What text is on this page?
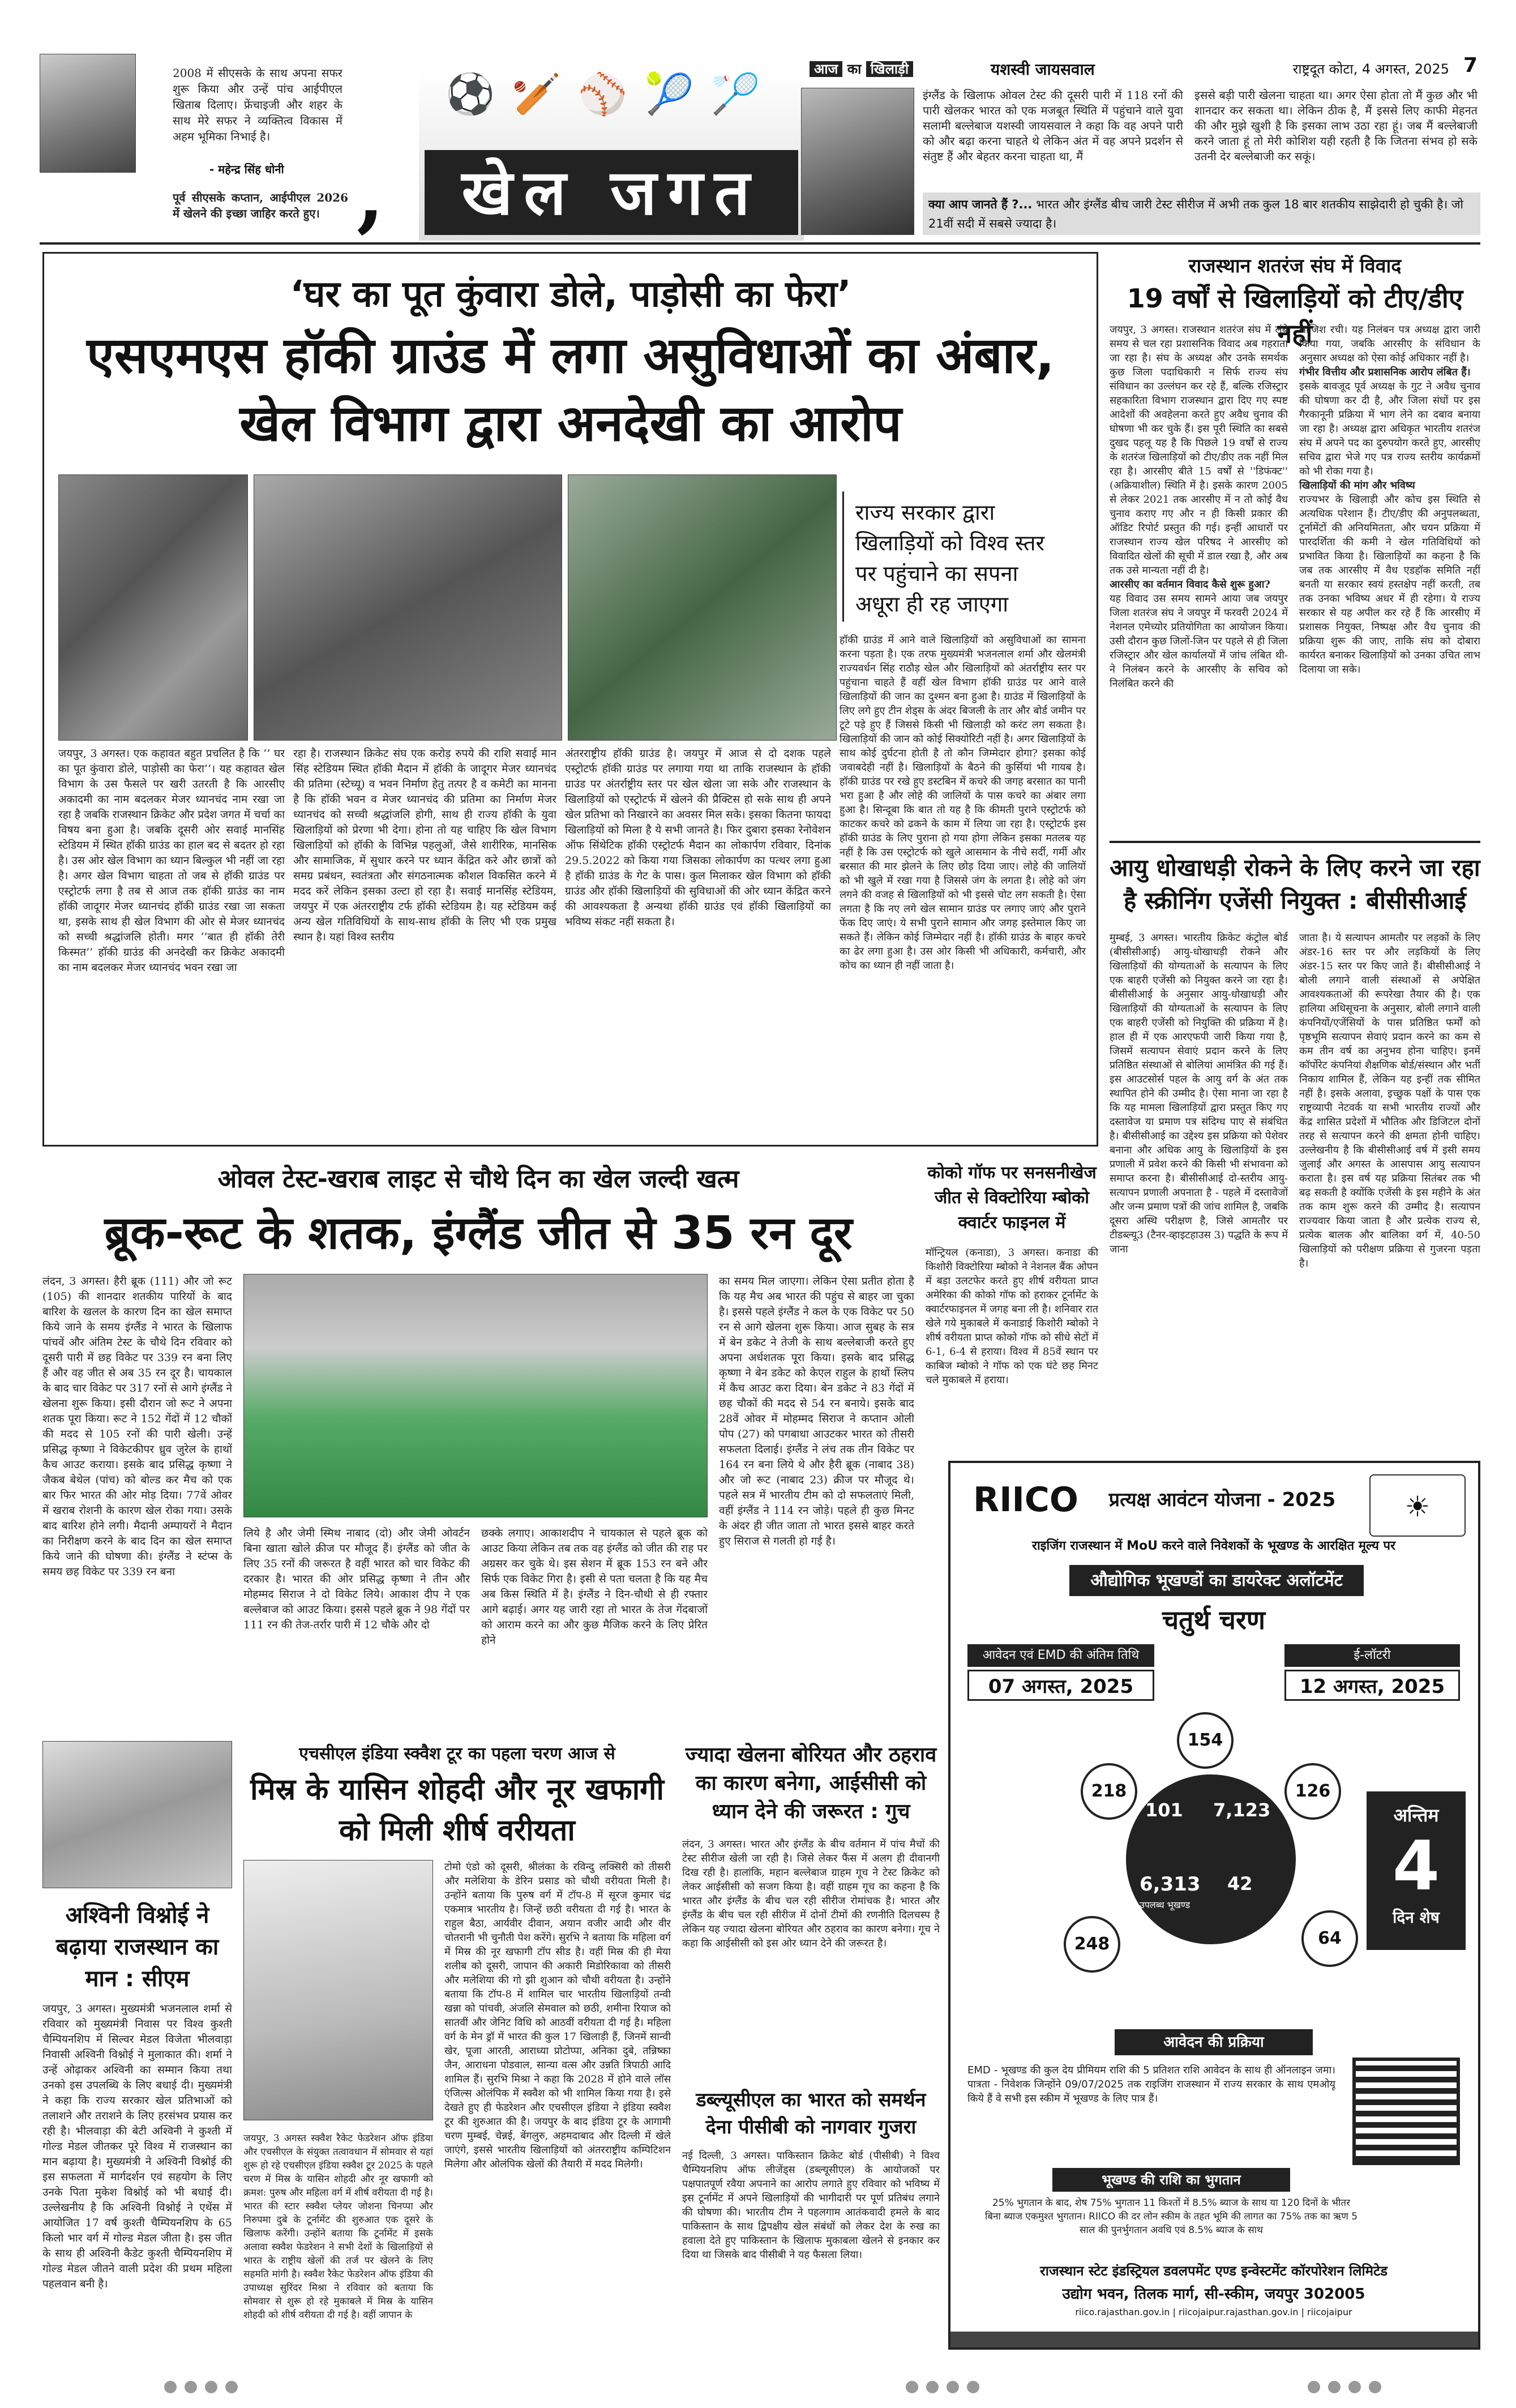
2008 में सीएसके के साथ अपना सफर शुरू किया और उन्हें पांच आईपीएल खिताब दिलाए। फ्रेंचाइजी और शहर के साथ मेरे सफर ने व्यक्तित्व विकास में अहम भूमिका निभाई है।
- महेन्द्र सिंह धोनी
पूर्व सीएसके कप्तान, आईपीएल 2026 में खेलने की इच्छा जाहिर करते हुए। ,
⚽🏏⚾🎾🏸
खेल जगत
आज का खिलाड़ी	यशस्वी जायसवाल	राष्ट्रदूत कोटा, 4 अगस्त, 2025 7
इंग्लैंड के खिलाफ ओवल टेस्ट की दूसरी पारी में 118 रनों की पारी खेलकर भारत को एक मजबूत स्थिति में पहुंचाने वाले युवा सलामी बल्लेबाज यशस्वी जायसवाल ने कहा कि वह अपने पारी को और बढ़ा करना चाहते थे लेकिन अंत में वह अपने प्रदर्शन से संतुष्ट हैं और बेहतर करना चाहता था, मैं
इससे बड़ी पारी खेलना चाहता था। अगर ऐसा होता तो मैं कुछ और भी शानदार कर सकता था। लेकिन ठीक है, मैं इससे लिए काफी मेहनत की और मुझे खुशी है कि इसका लाभ उठा रहा हूं। जब मैं बल्लेबाजी करने जाता हूं तो मेरी कोशिश यही रहती है कि जितना संभव हो सके उतनी देर बल्लेबाजी कर सकूं।
क्या आप जानते हैं ?... भारत और इंग्लैंड बीच जारी टेस्ट सीरीज में अभी तक कुल 18 बार शतकीय साझेदारी हो चुकी है। जो 21वीं सदी में सबसे ज्यादा है।
‘घर का पूत कुंवारा डोले, पाड़ोसी का फेरा’
एसएमएस हॉकी ग्राउंड में लगा असुविधाओं का अंबार, खेल विभाग द्वारा अनदेखी का आरोप
राज्य सरकार द्वारा खिलाड़ियों को विश्व स्तर पर पहुंचाने का सपना अधूरा ही रह जाएगा
हॉकी ग्राउंड में आने वाले खिलाड़ियों को असुविधाओं का सामना करना पड़ता है। एक तरफ मुख्यमंत्री भजनलाल शर्मा और खेलमंत्री राज्यवर्धन सिंह राठौड़ खेल और खिलाड़ियों को अंतर्राष्ट्रीय स्तर पर पहुंचाना चाहते हैं वहीं खेल विभाग हॉकी ग्राउंड पर आने वाले खिलाड़ियों की जान का दुश्मन बना हुआ है। ग्राउंड में खिलाड़ियों के लिए लगे हुए टीन शेड्स के अंदर बिजली के तार और बोर्ड जमीन पर टूटे पड़े हुए हैं जिससे किसी भी खिलाड़ी को करंट लग सकता है। खिलाड़ियों की जान को कोई सिक्योरिटी नहीं है। अगर खिलाड़ियों के साथ कोई दुर्घटना होती है तो कौन जिम्मेदार होगा? इसका कोई जवाबदेही नहीं है। खिलाड़ियों के बैठने की कुर्सियां भी गायब है। हॉकी ग्राउंड पर रखे हुए डस्टबिन में कचरे की जगह बरसात का पानी भरा हुआ है और लोहे की जालियों के पास कचरे का अंबार लगा हुआ है। सिन्दूबा कि बात तो यह है कि कीमती पुराने एस्ट्रोटर्फ को काटकर कचरे को ढकने के काम में लिया जा रहा है। एस्ट्रोटर्फ इस हॉकी ग्राउंड के लिए पुराना हो गया होगा लेकिन इसका मतलब यह नहीं है कि उस एस्ट्रोटर्फ को खुले आसमान के नीचे सर्दी, गर्मी और बरसात की मार झेलने के लिए छोड़ दिया जाए। लोहे की जालियों को भी खुले में रखा गया है जिससे जंग के लगता है। लोहे को जंग लगने की वजह से खिलाड़ियों को भी इससे चोट लग सकती है। ऐसा लगता है कि नए लगे खेल सामान ग्राउंड पर लगाए जाएं और पुराने फेंक दिए जाएं। ये सभी पुराने सामान और जगह इस्तेमाल किए जा सकते हैं। लेकिन कोई जिम्मेदार नहीं है। हॉकी ग्राउंड के बाहर कचरे का ढेर लगा हुआ है। उस ओर किसी भी अधिकारी, कर्मचारी, और कोच का ध्यान ही नहीं जाता है।
जयपुर, 3 अगस्त। एक कहावत बहुत प्रचलित है कि ‘’ घर का पूत कुंवारा डोले, पाड़ोसी का फेरा’’। यह कहावत खेल विभाग के उस फैसले पर खरी उतरती है कि आरसीए अकादमी का नाम बदलकर मेजर ध्यानचंद नाम रखा जा रहा है जबकि राजस्थान क्रिकेट और प्रदेश जगत में चर्चा का विषय बना हुआ है। जबकि दूसरी ओर सवाई मानसिंह स्टेडियम में स्थित हॉकी ग्राउंड का हाल बद से बदतर हो रहा है। उस ओर खेल विभाग का ध्यान बिल्कुल भी नहीं जा रहा है। अगर खेल विभाग चाहता तो जब से हॉकी ग्राउंड पर एस्ट्रोटर्फ लगा है तब से आज तक हॉकी ग्राउंड का नाम हॉकी जादूगर मेजर ध्यानचंद हॉकी ग्राउंड रखा जा सकता था, इसके साथ ही खेल विभाग की ओर से मेजर ध्यानचंद को सच्ची श्रद्धांजलि होती। मगर ‘’बात ही हॉकी तेरी किस्मत’’ हॉकी ग्राउंड की अनदेखी कर क्रिकेट अकादमी का नाम बदलकर मेजर ध्यानचंद भवन रखा जा
रहा है। राजस्थान क्रिकेट संघ एक करोड़ रुपये की राशि सवाई मान सिंह स्टेडियम स्थित हॉकी मैदान में हॉकी के जादूगर मेजर ध्यानचंद की प्रतिमा (स्टेच्यू) व भवन निर्माण हेतु तत्पर है व कमेटी का मानना है कि हॉकी भवन व मेजर ध्यानचंद की प्रतिमा का निर्माण मेजर ध्यानचंद को सच्ची श्रद्धांजलि होगी, साथ ही राज्य हॉकी के युवा खिलाड़ियों को प्रेरणा भी देगा। होना तो यह चाहिए कि खेल विभाग खिलाड़ियों को हॉकी के विभिन्न पहलुओं, जैसे शारीरिक, मानसिक और सामाजिक, में सुधार करने पर ध्यान केंद्रित करे और छात्रों को समग्र प्रबंधन, स्वतंत्रता और संगठनात्मक कौशल विकसित करने में मदद करें लेकिन इसका उल्टा हो रहा है। सवाई मानसिंह स्टेडियम, जयपुर में एक अंतरराष्ट्रीय टर्फ हॉकी स्टेडियम है। यह स्टेडियम कई अन्य खेल गतिविधियों के साथ-साथ हॉकी के लिए भी एक प्रमुख स्थान है। यहां विश्व स्तरीय
अंतरराष्ट्रीय हॉकी ग्राउंड है। जयपुर में आज से दो दशक पहले एस्ट्रोटर्फ हॉकी ग्राउंड पर लगाया गया था ताकि राजस्थान के हॉकी ग्राउंड पर अंतर्राष्ट्रीय स्तर पर खेल खेला जा सके और राजस्थान के खिलाड़ियों को एस्ट्रोटर्फ में खेलने की प्रैक्टिस हो सके साथ ही अपने खेल प्रतिभा को निखारने का अवसर मिल सके। इसका कितना फायदा खिलाड़ियों को मिला है ये सभी जानते है। फिर दुबारा इसका रेनोवेशन ऑफ सिंथेटिक हॉकी एस्ट्रोटर्फ मैदान का लोकार्पण रविवार, दिनांक 29.5.2022 को किया गया जिसका लोकार्पण का पत्थर लगा हुआ है हॉकी ग्राउंड के गेट के पास। कुल मिलाकर खेल विभाग को हॉकी ग्राउंड और हॉकी खिलाड़ियों की सुविधाओं की ओर ध्यान केंद्रित करने की आवश्यकता है अन्यथा हॉकी ग्राउंड एवं हॉकी खिलाड़ियों का भविष्य संकट नहीं सकता है।
राजस्थान शतरंज संघ में विवाद
19 वर्षों से खिलाड़ियों को टीए/डीए नहीं
जयपुर, 3 अगस्त। राजस्थान शतरंज संघ में लंबे समय से चल रहा प्रशासनिक विवाद अब गहराता जा रहा है। संघ के अध्यक्ष और उनके समर्थक कुछ जिला पदाधिकारी न सिर्फ राज्य संघ संविधान का उल्लंघन कर रहे हैं, बल्कि रजिस्ट्रार सहकारिता विभाग राजस्थान द्वारा दिए गए स्पष्ट आदेशों की अवहेलना करते हुए अवैध चुनाव की घोषणा भी कर चुके हैं। इस पूरी स्थिति का सबसे दुखद पहलू यह है कि पिछले 19 वर्षों से राज्य के शतरंज खिलाड़ियों को टीए/डीए तक नहीं मिल रहा है। आरसीए बीते 15 वर्षों से ''डिफंक्ट'' (अक्रियाशील) स्थिति में है। इसके कारण 2005 से लेकर 2021 तक आरसीए में न तो कोई वैध चुनाव कराए गए और न ही किसी प्रकार की ऑडिट रिपोर्ट प्रस्तुत की गई। इन्हीं आधारों पर राजस्थान राज्य खेल परिषद ने आरसीए को विवादित खेलों की सूची में डाल रखा है, और अब तक उसे मान्यता नहीं दी है।
आरसीए का वर्तमान विवाद कैसे शुरू हुआ?
यह विवाद उस समय सामने आया जब जयपुर जिला शतरंज संघ ने जयपुर में फरवरी 2024 में नेशनल एमेच्योर प्रतियोगिता का आयोजन किया। उसी दौरान कुछ जिलों-जिन पर पहले से ही जिला रजिस्ट्रार और खेल कार्यालयों में जांच लंबित थी-ने निलंबन करने के आरसीए के सचिव को निलंबित करने की
साजिश रची। यह निलंबन पत्र अध्यक्ष द्वारा जारी किया गया, जबकि आरसीए के संविधान के अनुसार अध्यक्ष को ऐसा कोई अधिकार नहीं है।
गंभीर वित्तीय और प्रशासनिक आरोप लंबित हैं।
इसके बावजूद पूर्व अध्यक्ष के गुट ने अवैध चुनाव की घोषणा कर दी है, और जिला संघों पर इस गैरकानूनी प्रक्रिया में भाग लेने का दबाव बनाया जा रहा है। अध्यक्ष द्वारा अधिकृत भारतीय शतरंज संघ में अपने पद का दुरुपयोग करते हुए, आरसीए सचिव द्वारा भेजे गए पत्र राज्य स्तरीय कार्यक्रमों को भी रोका गया है।
खिलाड़ियों की मांग और भविष्य
राज्यभर के खिलाड़ी और कोच इस स्थिति से अत्यधिक परेशान हैं। टीए/डीए की अनुपलब्धता, टूर्नामेंटों की अनियमितता, और चयन प्रक्रिया में पारदर्शिता की कमी ने खेल गतिविधियों को प्रभावित किया है। खिलाड़ियों का कहना है कि जब तक आरसीए में वैध एडहॉक समिति नहीं बनती या सरकार स्वयं हस्तक्षेप नहीं करती, तब तक उनका भविष्य अधर में ही रहेगा। ये राज्य सरकार से यह अपील कर रहे हैं कि आरसीए में प्रशासक नियुक्त, निष्पक्ष और वैध चुनाव की प्रक्रिया शुरू की जाए, ताकि संघ को दोबारा कार्यरत बनाकर खिलाड़ियों को उनका उचित लाभ दिलाया जा सके।
आयु धोखाधड़ी रोकने के लिए करने जा रहा है स्क्रीनिंग एजेंसी नियुक्त : बीसीसीआई
मुम्बई, 3 अगस्त। भारतीय क्रिकेट कंट्रोल बोर्ड (बीसीसीआई) आयु-धोखाधड़ी रोकने और खिलाड़ियों की योग्यताओं के सत्यापन के लिए एक बाहरी एजेंसी को नियुक्त करने जा रहा है। बीसीसीआई के अनुसार आयु-धोखाधड़ी और खिलाड़ियों की योग्यताओं के सत्यापन के लिए एक बाहरी एजेंसी को नियुक्ति की प्रक्रिया में है। हाल ही में एक आरएफपी जारी किया गया है, जिसमें सत्यापन सेवाएं प्रदान करने के लिए प्रतिष्ठित संस्थाओं से बोलियां आमंत्रित की गई हैं। इस आउटसोर्स पहल के आयु वर्ग के अंत तक स्थापित होने की उम्मीद है। ऐसा माना जा रहा है कि यह मामला खिलाड़ियों द्वारा प्रस्तुत किए गए दस्तावेज या प्रमाण पत्र संदिग्ध पाए से संबंधित है। बीसीसीआई का उद्देश्य इस प्रक्रिया को पेशेवर बनाना और अधिक आयु के खिलाड़ियों के इस प्रणाली में प्रवेश करने की किसी भी संभावना को समाप्त करना है। बीसीसीआई दो-स्तरीय आयु-सत्यापन प्रणाली अपनाता है - पहले में दस्तावेजों और जन्म प्रमाण पत्रों की जांच शामिल है, जबकि दूसरा अस्थि परीक्षण है, जिसे आमतौर पर टीडब्ल्यू3 (टैनर-व्हाइटहाउस 3) पद्धति के रूप में जाना
जाता है। ये सत्यापन आमतौर पर लड़कों के लिए अंडर-16 स्तर पर और लड़कियों के लिए अंडर-15 स्तर पर किए जाते हैं। बीसीसीआई ने बोली लगाने वाली संस्थाओं से अपेक्षित आवश्यकताओं की रूपरेखा तैयार की है। एक हालिया अधिसूचना के अनुसार, बोली लगाने वाली कंपनियों/एजेंसियों के पास प्रतिष्ठित फर्मों को पृष्ठभूमि सत्यापन सेवाएं प्रदान करने का कम से कम तीन वर्ष का अनुभव होना चाहिए। इनमें कॉर्पोरेट कंपनियां शैक्षणिक बोर्ड/संस्थान और भर्ती निकाय शामिल हैं, लेकिन यह इन्हीं तक सीमित नहीं है। इसके अलावा, इच्छुक पक्षों के पास एक राष्ट्रव्यापी नेटवर्क या सभी भारतीय राज्यों और केंद्र शासित प्रदेशों में भौतिक और डिजिटल दोनों तरह से सत्यापन करने की क्षमता होनी चाहिए। उल्लेखनीय है कि बीसीसीआई वर्ष में इसी समय जुलाई और अगस्त के आसपास आयु सत्यापन कराता है। इस वर्ष यह प्रक्रिया सितंबर तक भी बढ़ सकती है क्योंकि एजेंसी के इस महीने के अंत तक काम शुरू करने की उम्मीद है। सत्यापन राज्यवार किया जाता है और प्रत्येक राज्य से, प्रत्येक बालक और बालिका वर्ग में, 40-50 खिलाड़ियों को परीक्षण प्रक्रिया से गुजरना पड़ता है।
ओवल टेस्ट-खराब लाइट से चौथे दिन का खेल जल्दी खत्म
ब्रूक-रूट के शतक, इंग्लैंड जीत से 35 रन दूर
लंदन, 3 अगस्त। हैरी ब्रूक (111) और जो रूट (105) की शानदार शतकीय पारियों के बाद बारिश के खलल के कारण दिन का खेल समाप्त किये जाने के समय इंग्लैंड ने भारत के खिलाफ पांचवें और अंतिम टेस्ट के चौथे दिन रविवार को दूसरी पारी में छह विकेट पर 339 रन बना लिए हैं और वह जीत से अब 35 रन दूर है। चायकाल के बाद चार विकेट पर 317 रनों से आगे इंग्लैंड ने खेलना शुरू किया। इसी दौरान जो रूट ने अपना शतक पूरा किया। रूट ने 152 गेंदों में 12 चौकों की मदद से 105 रनों की पारी खेली। उन्हें प्रसिद्ध कृष्णा ने विकेटकीपर ध्रुव जुरेल के हाथों कैच आउट कराया। इसके बाद प्रसिद्ध कृष्णा ने जैकब बेथेल (पांच) को बोल्ड कर मैच को एक बार फिर भारत की ओर मोड़ दिया। 77वें ओवर में खराब रोशनी के कारण खेल रोका गया। उसके बाद बारिश होने लगी। मैदानी अम्पायरों ने मैदान का निरीक्षण करने के बाद दिन का खेल समाप्त किये जाने की घोषणा की। इंग्लैंड ने स्टंप्स के समय छह विकेट पर 339 रन बना
लिये है और जेमी स्मिथ नाबाद (दो) और जेमी ओवर्टन बिना खाता खोले क्रीज पर मौजूद हैं। इंग्लैंड को जीत के लिए 35 रनों की जरूरत है वहीं भारत को चार विकेट की दरकार है। भारत की ओर प्रसिद्ध कृष्णा ने तीन और मोहम्मद सिराज ने दो विकेट लिये। आकाश दीप ने एक बल्लेबाज को आउट किया। इससे पहले ब्रूक ने 98 गेंदों पर 111 रन की तेज-तर्रार पारी में 12 चौके और दो
छक्के लगाए। आकाशदीप ने चायकाल से पहले ब्रूक को आउट किया लेकिन तब तक वह इंग्लैंड को जीत की राह पर अग्रसर कर चुके थे। इस सेशन में ब्रूक 153 रन बने और सिर्फ एक विकेट गिरा है। इसी से पता चलता है कि यह मैच अब किस स्थिति में है। इंग्लैंड ने दिन-चौथी से ही रफ्तार आगे बढ़ाई। अगर यह जारी रहा तो भारत के तेज गेंदबाजों को आराम करने का और कुछ मैजिक करने के लिए प्रेरित होने
का समय मिल जाएगा। लेकिन ऐसा प्रतीत होता है कि यह मैच अब भारत की पहुंच से बाहर जा चुका है। इससे पहले इंग्लैंड ने कल के एक विकेट पर 50 रन से आगे खेलना शुरू किया। आज सुबह के सत्र में बेन डकेट ने तेजी के साथ बल्लेबाजी करते हुए अपना अर्धशतक पूरा किया। इसके बाद प्रसिद्ध कृष्णा ने बेन डकेट को केएल राहुल के हाथों स्लिप में कैच आउट करा दिया। बेन डकेट ने 83 गेंदों में छह चौकों की मदद से 54 रन बनाये। इसके बाद 28वें ओवर में मोहम्मद सिराज ने कप्तान ओली पोप (27) को पगबाधा आउटकर भारत को तीसरी सफलता दिलाई। इंग्लैंड ने लंच तक तीन विकेट पर 164 रन बना लिये थे और हैरी ब्रूक (नाबाद 38) और जो रूट (नाबाद 23) क्रीज पर मौजूद थे। पहले सत्र में भारतीय टीम को दो सफलताएं मिली, वहीं इंग्लैंड ने 114 रन जोड़े। पहले ही कुछ मिनट के अंदर ही जीत जाता तो भारत इससे बाहर करते हुए सिराज से गलती हो गई है।
कोको गॉफ पर सनसनीखेज जीत से विक्टोरिया म्बोको क्वार्टर फाइनल में
मॉन्ट्रियल (कनाडा), 3 अगस्त। कनाडा की किशोरी विक्टोरिया म्बोको ने नेशनल बैंक ओपन में बड़ा उलटफेर करते हुए शीर्ष वरीयता प्राप्त अमेरिका की कोको गॉफ को हराकर टूर्नामेंट के क्वार्टरफाइनल में जगह बना ली है। शनिवार रात खेले गये मुकाबले में कनाडाई किशोरी म्बोको ने शीर्ष वरीयता प्राप्त कोको गॉफ को सीधे सेटों में 6-1, 6-4 से हराया। विश्व में 85वें स्थान पर काबिज म्बोको ने गॉफ को एक घंटे छह मिनट चले मुकाबले में हराया।
RIICO	☀
प्रत्यक्ष आवंटन योजना - 2025
राइजिंग राजस्थान में MoU करने वाले निवेशकों के भूखण्ड के आरक्षित मूल्य पर
औद्योगिक भूखण्डों का डायरेक्ट अलॉटमेंट
चतुर्थ चरण
आवेदन एवं EMD की अंतिम तिथि
07 अगस्त, 2025
ई-लॉटरी
12 अगस्त, 2025
154
218	126
101 7,123
6,313 42
उपलब्ध भूखण्ड
248	64
अन्तिम
4
दिन शेष
आवेदन की प्रक्रिया
EMD - भूखण्ड की कुल देय प्रीमियम राशि की 5 प्रतिशत राशि आवेदन के साथ ही ऑनलाइन जमा। पात्रता - निवेशक जिन्होंने 09/07/2025 तक राइजिंग राजस्थान में राज्य सरकार के साथ एमओयू किये हैं वे सभी इस स्कीम में भूखण्ड के लिए पात्र हैं।
भूखण्ड की राशि का भुगतान
25% भुगतान के बाद, शेष 75% भुगतान 11 किश्तों में 8.5% ब्याज के साथ या 120 दिनों के भीतर बिना ब्याज एकमुश्त भुगतान। RIICO की दर लोन स्कीम के तहत भूमि की लागत का 75% तक का ऋण 5 साल की पुनर्भुगतान अवधि एवं 8.5% ब्याज के साथ
राजस्थान स्टेट इंडस्ट्रियल डवलपमेंट एण्ड इन्वेस्टमेंट कॉरपोरेशन लिमिटेड
उद्योग भवन, तिलक मार्ग, सी-स्कीम, जयपुर 302005
riico.rajasthan.gov.in | riicojaipur.rajasthan.gov.in | riicojaipur
अश्विनी विश्नोई ने बढ़ाया राजस्थान का मान : सीएम
जयपुर, 3 अगस्त। मुख्यमंत्री भजनलाल शर्मा से रविवार को मुख्यमंत्री निवास पर विश्व कुश्ती चैम्पियनशिप में सिल्वर मेडल विजेता भीलवाड़ा निवासी अश्विनी विश्नोई ने मुलाकात की। शर्मा ने उन्हें ओढ़ाकर अश्विनी का सम्मान किया तथा उनको इस उपलब्धि के लिए बधाई दी। मुख्यमंत्री ने कहा कि राज्य सरकार खेल प्रतिभाओं को तलाशने और तराशने के लिए हरसंभव प्रयास कर रही है। भीलवाड़ा की बेटी अश्विनी ने कुश्ती में गोल्ड मेडल जीतकर पूरे विश्व में राजस्थान का मान बढ़ाया है। मुख्यमंत्री ने अश्विनी विश्नोई की इस सफलता में मार्गदर्शन एवं सहयोग के लिए उनके पिता मुकेश विश्नोई को भी बधाई दी। उल्लेखनीय है कि अश्विनी विश्नोई ने एथेंस में आयोजित 17 वर्ष कुश्ती चैम्पियनशिप के 65 किलो भार वर्ग में गोल्ड मेडल जीता है। इस जीत के साथ ही अश्विनी कैडेट कुश्ती चैम्पियनशिप में गोल्ड मेडल जीतने वाली प्रदेश की प्रथम महिला पहलवान बनी है।
एचसीएल इंडिया स्क्वैश टूर का पहला चरण आज से
मिस्र के यासिन शोहदी और नूर खफागी को मिली शीर्ष वरीयता
जयपुर, 3 अगस्त स्क्वैश रैकेट फेडरेशन ऑफ इंडिया और एचसीएल के संयुक्त तत्वावधान में सोमवार से यहां शुरू हो रहे एचसीएल इंडिया स्क्वैश टूर 2025 के पहले चरण में मिस्र के यासिन शोहदी और नूर खफागी को क्रमश: पुरुष और महिला वर्ग में शीर्ष वरीयता दी गई है। भारत की स्टार स्क्वैश प्लेयर जोशना चिनप्पा और निरुपमा दुबे के टूर्नामेंट की शुरुआत एक दूसरे के खिलाफ करेंगी। उन्होंने बताया कि टूर्नामेंट में इसके अलावा स्क्वैश फेडरेशन ने सभी देशों के खिलाड़ियों से भारत के राष्ट्रीय खेलों की तर्ज पर खेलने के लिए सहमति मांगी है। स्क्वैश रैकेट फेडरेशन ऑफ इंडिया की उपाध्यक्ष सुरिंदर मिश्रा ने रविवार को बताया कि सोमवार से शुरू हो रहे मुकाबले में मिस्र के यासिन शोहदी को शीर्ष वरीयता दी गई है। वहीं जापान के
टोमो एंडो को दूसरी, श्रीलंका के रविन्दु लक्सिरी को तीसरी और मलेशिया के डेरिन प्रसाड को चौथी वरीयता मिली है। उन्होंने बताया कि पुरुष वर्ग में टॉप-8 में सूरज कुमार चंद्र एकमात्र भारतीय है। जिन्हें छठी वरीयता दी गई है। भारत के राहुल बैठा, आर्यवीर दीवान, अयान वजीर आदी और वीर चोतरानी भी चुनौती पेश करेंगे। सुरभि ने बताया कि महिला वर्ग में मिस्र की नूर खफागी टॉप सीड है। वहीं मिस्र की ही मेया शलीब को दूसरी, जापान की अकारी मिडोरिकावा को तीसरी और मलेशिया की गो झी शुआन को चौथी वरीयता है। उन्होंने बताया कि टॉप-8 में शामिल चार भारतीय खिलाड़ियों तन्वी खन्ना को पांचवी, अंजलि सेमवाल को छठी, शमीना रियाज को सातवीं और जेनिट विधि को आठवीं वरीयता दी गई है। महिला वर्ग के मेन ड्रॉ में भारत की कुल 17 खिलाड़ी हैं, जिनमें सान्वी खेर, पूजा आरती, आराध्या प्रोटोप्पा, अनिका दुबे, तन्निष्का जैन, आराधना पोडवाल, सान्या वत्स और उन्नति त्रिपाठी आदि शामिल हैं। सुरभि मिश्रा ने कहा कि 2028 में होने वाले लॉस एंजिल्स ओलंपिक में स्क्वैश को भी शामिल किया गया है। इसे देखते हुए ही फेडरेशन और एचसीएल इंडिया ने इंडिया स्क्वैश टूर की शुरुआत की है। जयपुर के बाद इंडिया टूर के आगामी चरण मुम्बई, चेन्नई, बेंगलुरु, अहमदाबाद और दिल्ली में खेले जाएंगे, इससे भारतीय खिलाड़ियों को अंतरराष्ट्रीय कम्पिटिशन मिलेगा और ओलंपिक खेलों की तैयारी में मदद मिलेगी।
ज्यादा खेलना बोरियत और ठहराव का कारण बनेगा, आईसीसी को ध्यान देने की जरूरत : गुच
लंदन, 3 अगस्त। भारत और इंग्लैंड के बीच वर्तमान में पांच मैचों की टेस्ट सीरीज खेली जा रही है। जिसे लेकर फैंस में अलग ही दीवानगी दिख रही है। हालांकि, महान बल्लेबाज ग्राहम गूच ने टेस्ट क्रिकेट को लेकर आईसीसी को सजग किया है। वहीं ग्राहम गूच का कहना है कि भारत और इंग्लैंड के बीच चल रही सीरीज रोमांचक है। भारत और इंग्लैंड के बीच चल रही सीरीज में दोनों टीमों की रणनीति दिलचस्प है लेकिन यह ज्यादा खेलना बोरियत और ठहराव का कारण बनेगा। गूच ने कहा कि आईसीसी को इस ओर ध्यान देने की जरूरत है।
डब्ल्यूसीएल का भारत को समर्थन देना पीसीबी को नागवार गुजरा
नई दिल्ली, 3 अगस्त। पाकिस्तान क्रिकेट बोर्ड (पीसीबी) ने विश्व चैम्पियनशिप ऑफ लीजेंड्स (डब्ल्यूसीएल) के आयोजकों पर पक्षपातपूर्ण रवैया अपनाने का आरोप लगाते हुए रविवार को भविष्य में इस टूर्नामेंट में अपने खिलाड़ियों की भागीदारी पर पूर्ण प्रतिबंध लगाने की घोषणा की। भारतीय टीम ने पहलगाम आतंकवादी हमले के बाद पाकिस्तान के साथ द्विपक्षीय खेल संबंधों को लेकर देश के रुख का हवाला देते हुए पाकिस्तान के खिलाफ मुकाबला खेलने से इनकार कर दिया था जिसके बाद पीसीबी ने यह फैसला लिया।
